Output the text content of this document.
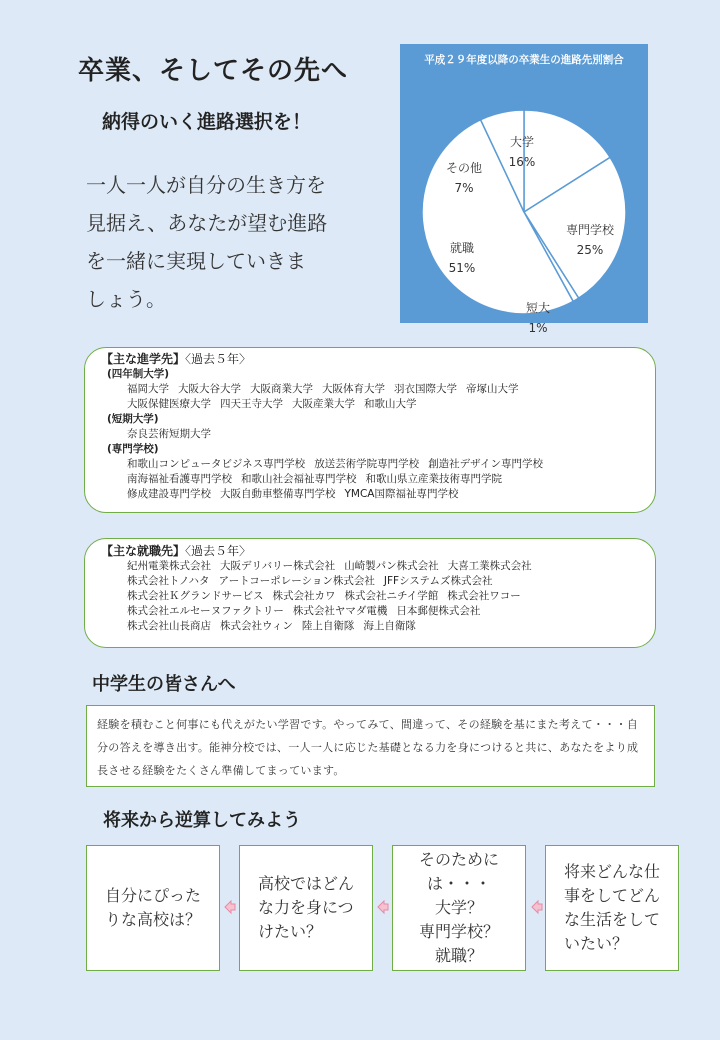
卒業、そしてその先へ
納得のいく進路選択を！
一人一人が自分の生き方を
見据え、あなたが望む進路
を一緒に実現していきま
しょう。
大学
16%
専門学校
25%
短大
1%
就職
51%
その他
7%
平成２９年度以降の卒業生の進路先別割合
【主な進学先】〈過去５年〉
(四年制大学)
福岡大学 大阪大谷大学 大阪商業大学 大阪体育大学 羽衣国際大学 帝塚山大学
大阪保健医療大学 四天王寺大学 大阪産業大学 和歌山大学
(短期大学)
奈良芸術短期大学
(専門学校)
和歌山コンピュータビジネス専門学校 放送芸術学院専門学校 創造社デザイン専門学校
南海福祉看護専門学校 和歌山社会福祉専門学校 和歌山県立産業技術専門学院
修成建設専門学校 大阪自動車整備専門学校 YMCA国際福祉専門学校
【主な就職先】〈過去５年〉
紀州電業株式会社 大阪デリバリー株式会社 山崎製パン株式会社 大喜工業株式会社
株式会社トノハタ アートコーポレーション株式会社 JFFシステムズ株式会社
株式会社Ｋグランドサービス 株式会社カワ 株式会社ニチイ学館 株式会社ワコー
株式会社エルセーヌファクトリー 株式会社ヤマダ電機 日本郵便株式会社
株式会社山長商店 株式会社ウィン 陸上自衛隊 海上自衛隊
中学生の皆さんへ
経験を積むこと何事にも代えがたい学習です。やってみて、間違って、その経験を基にまた考えて・・・自分の答えを導き出す。能神分校では、一人一人に応じた基礎となる力を身につけると共に、あなたをより成長させる経験をたくさん準備してまっています。
将来から逆算してみよう
自分にぴった
りな高校は？
高校ではどん
な力を身につ
けたい？
そのために
は・・・
大学？
専門学校？
就職？
将来どんな仕
事をしてどん
な生活をして
いたい？
